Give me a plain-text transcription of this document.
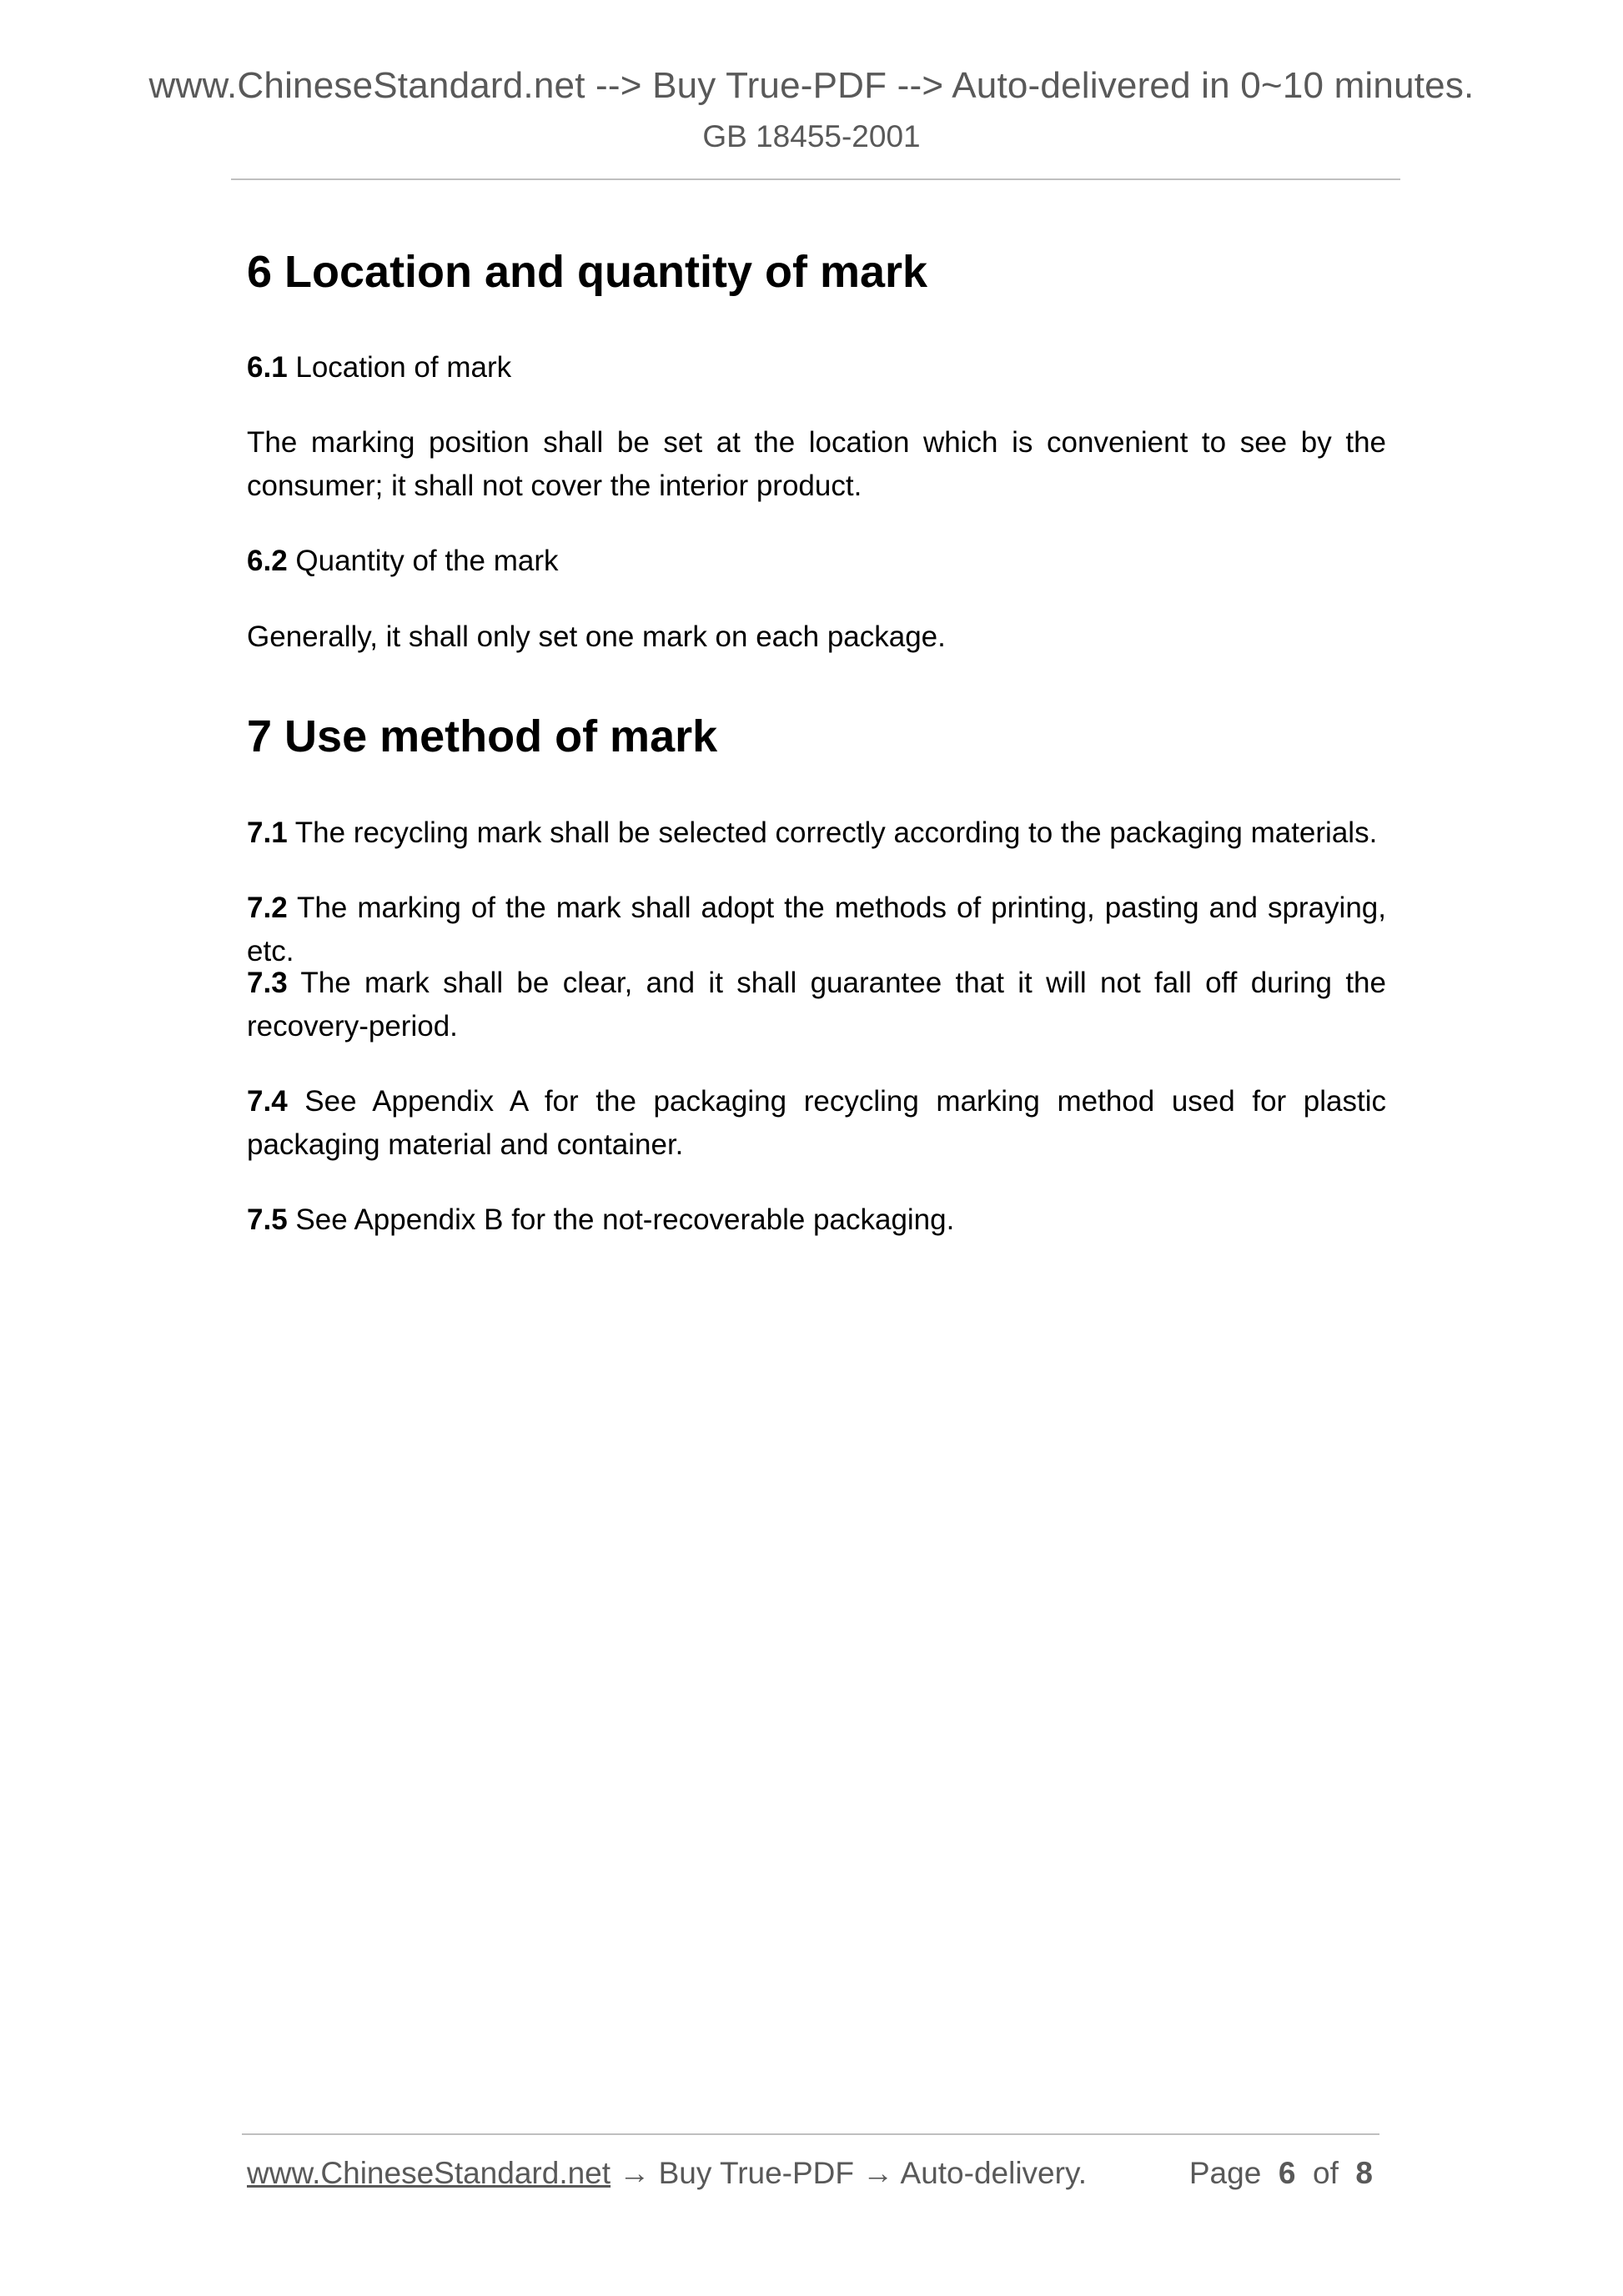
www.ChineseStandard.net --> Buy True-PDF --> Auto-delivered in 0~10 minutes.
GB 18455-2001
6 Location and quantity of mark

6.1 Location of mark

The marking position shall be set at the location which is convenient to see by the consumer; it shall not cover the interior product.

6.2 Quantity of the mark

Generally, it shall only set one mark on each package.

7 Use method of mark

7.1 The recycling mark shall be selected correctly according to the packaging materials.

7.2 The marking of the mark shall adopt the methods of printing, pasting and spraying, etc.

7.3 The mark shall be clear, and it shall guarantee that it will not fall off during the recovery-period.

7.4 See Appendix A for the packaging recycling marking method used for plastic packaging material and container.

7.5 See Appendix B for the not-recoverable packaging.

www.ChineseStandard.net → Buy True-PDF → Auto-delivery.	Page 6 of 8
